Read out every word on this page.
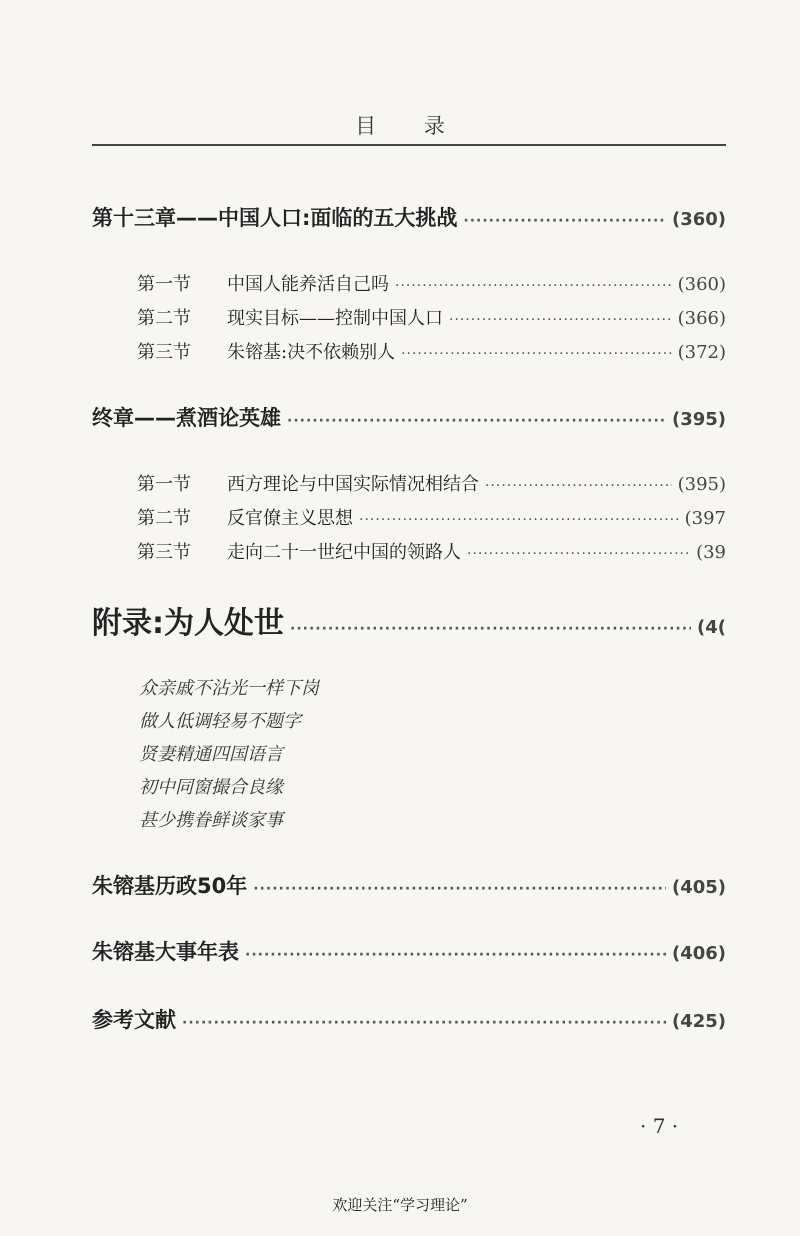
目 录
第十三章——中国人口:面临的五大挑战 ·····	(360)
第一节	中国人能养活自己吗 ·····	(360)
第二节	现实目标——控制中国人口 ·····	(366)
第三节	朱镕基:决不依赖别人 ·····	(372)
终章——煮酒论英雄 ·····	(395)
第一节	西方理论与中国实际情况相结合 ·····	(395)
第二节	反官僚主义思想 ·····	(397
第三节	走向二十一世纪中国的领路人 ·····	(39
附录:为人处世 ·····	(4(
众亲戚不沾光一样下岗
做人低调轻易不题字
贤妻精通四国语言
初中同窗撮合良缘
甚少携眷鲜谈家事
朱镕基历政50年 ·····	(405)
朱镕基大事年表 ·····	(406)
参考文献 ·····	(425)
· 7 ·
欢迎关注“学习理论”
